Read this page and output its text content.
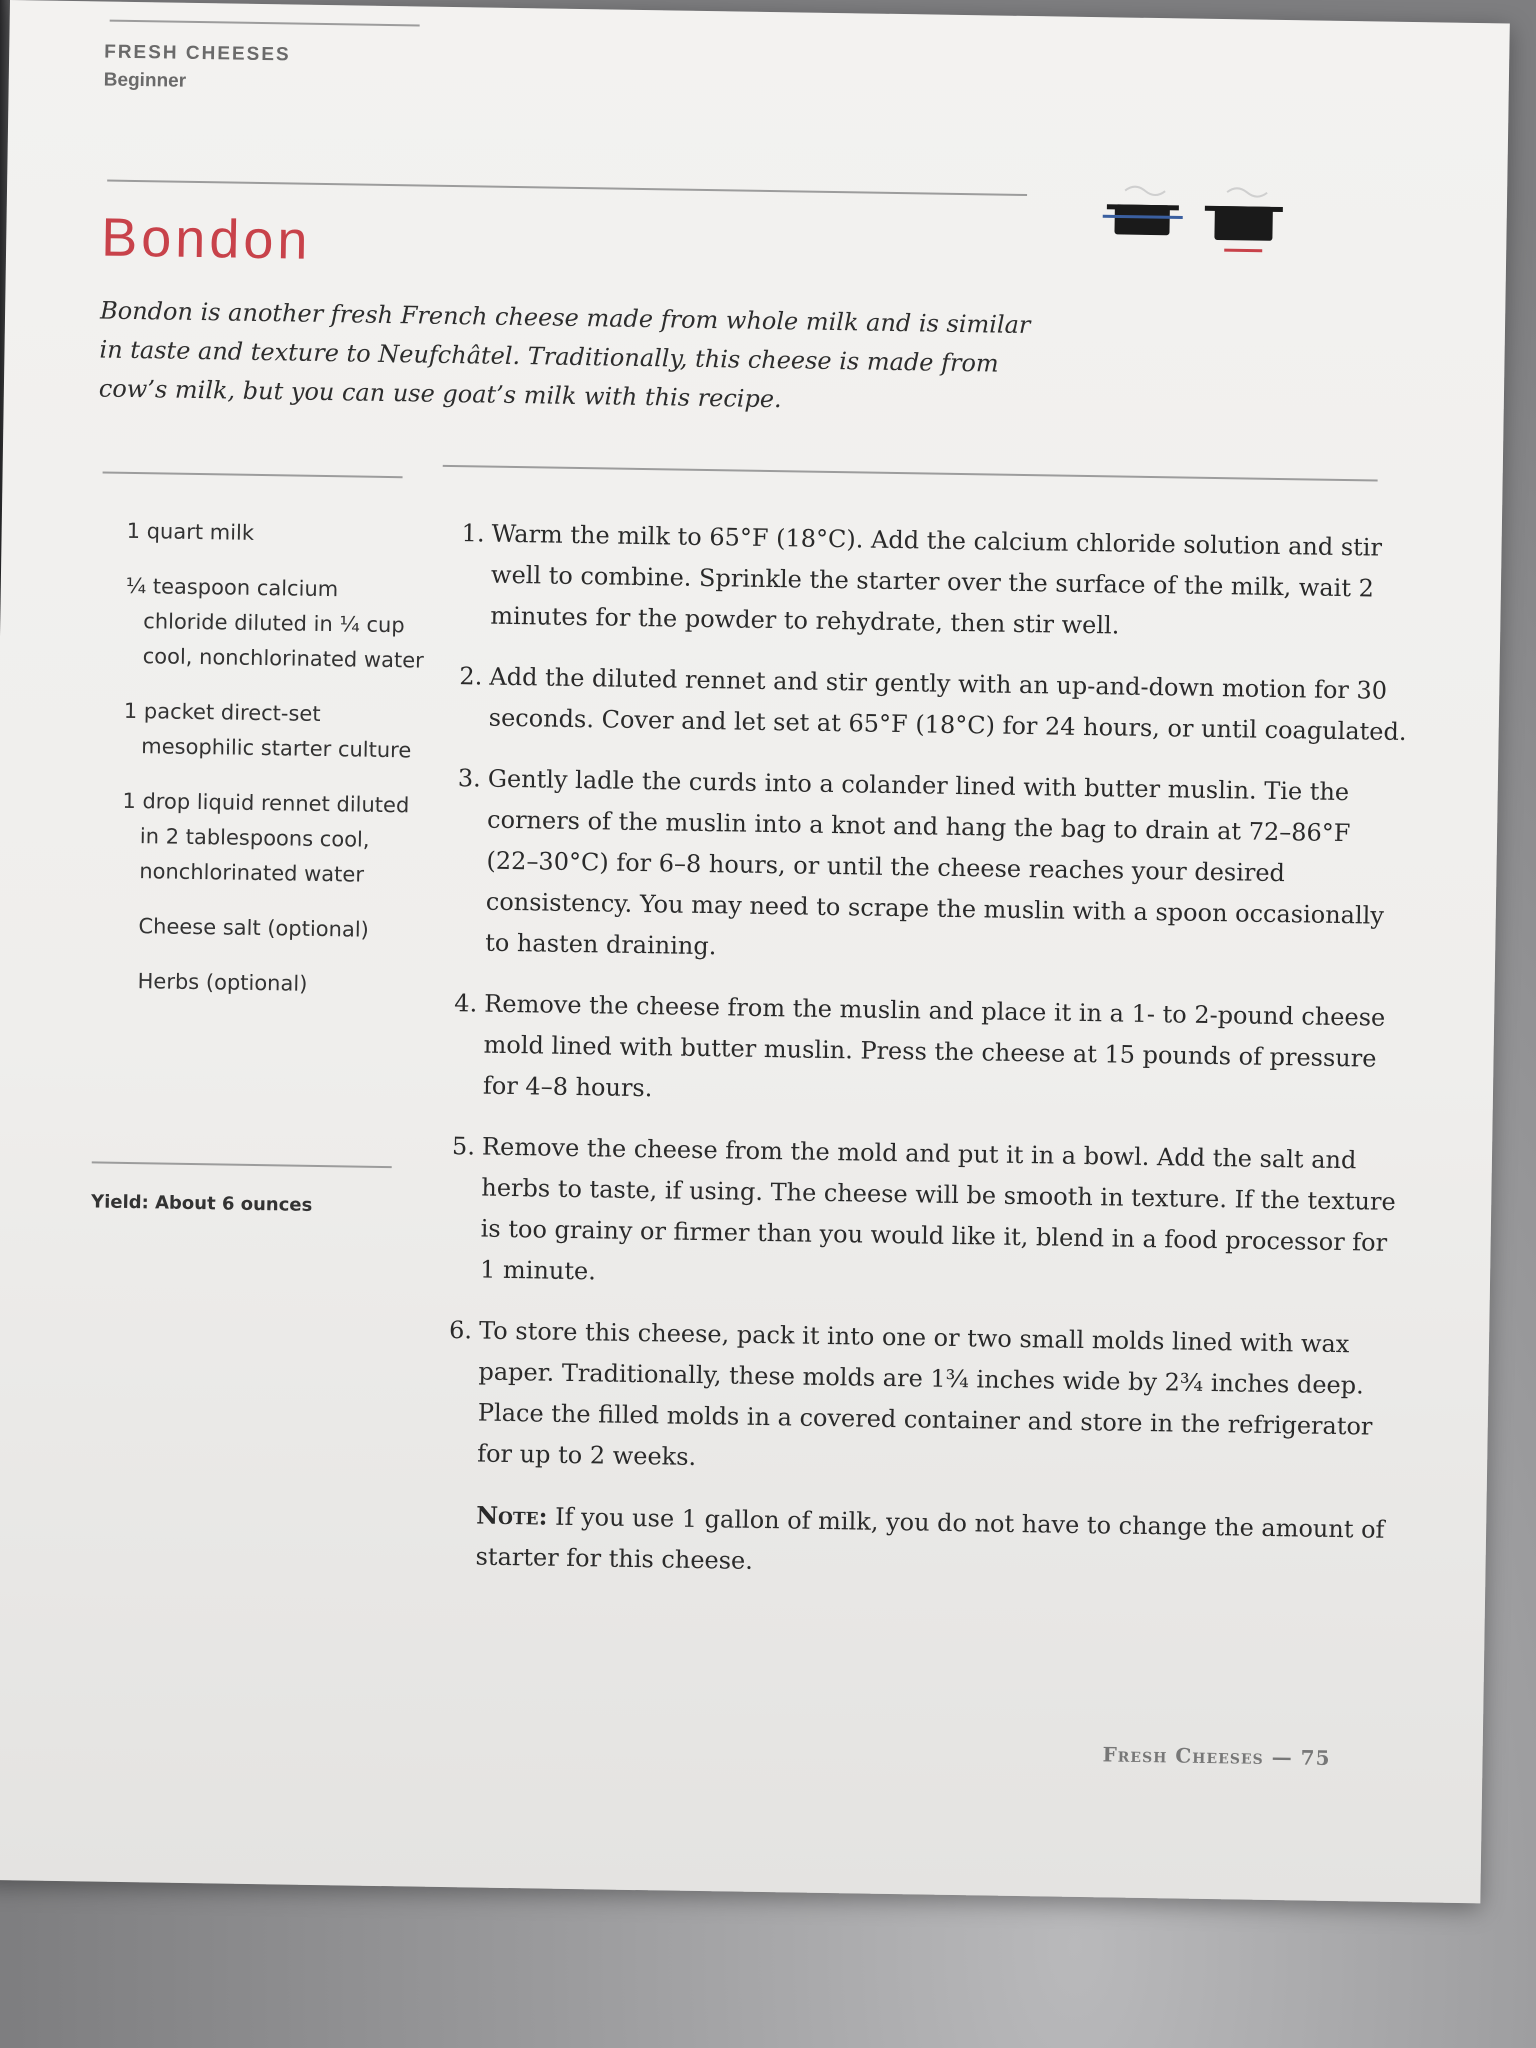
FRESH CHEESES
Beginner
Bondon
Bondon is another fresh French cheese made from whole milk and is similar in taste and texture to Neufchâtel. Traditionally, this cheese is made from cow’s milk, but you can use goat’s milk with this recipe.
1 quart milk
¼ teaspoon calcium chloride diluted in ¼ cup cool, nonchlorinated water
1 packet direct-set mesophilic starter culture
1 drop liquid rennet diluted in 2 tablespoons cool, nonchlorinated water
Cheese salt (optional)
Herbs (optional)
Yield: About 6 ounces
1. Warm the milk to 65°F (18°C). Add the calcium chloride solution and stir well to combine. Sprinkle the starter over the surface of the milk, wait 2 minutes for the powder to rehydrate, then stir well.
2. Add the diluted rennet and stir gently with an up-and-down motion for 30 seconds. Cover and let set at 65°F (18°C) for 24 hours, or until coagulated.
3. Gently ladle the curds into a colander lined with butter muslin. Tie the corners of the muslin into a knot and hang the bag to drain at 72–86°F (22–30°C) for 6–8 hours, or until the cheese reaches your desired consistency. You may need to scrape the muslin with a spoon occasionally to hasten draining.
4. Remove the cheese from the muslin and place it in a 1- to 2-pound cheese mold lined with butter muslin. Press the cheese at 15 pounds of pressure for 4–8 hours.
5. Remove the cheese from the mold and put it in a bowl. Add the salt and herbs to taste, if using. The cheese will be smooth in texture. If the texture is too grainy or firmer than you would like it, blend in a food processor for 1 minute.
6. To store this cheese, pack it into one or two small molds lined with wax paper. Traditionally, these molds are 1¾ inches wide by 2¾ inches deep. Place the filled molds in a covered container and store in the refrigerator for up to 2 weeks.
Note: If you use 1 gallon of milk, you do not have to change the amount of starter for this cheese.
Fresh Cheeses — 75
